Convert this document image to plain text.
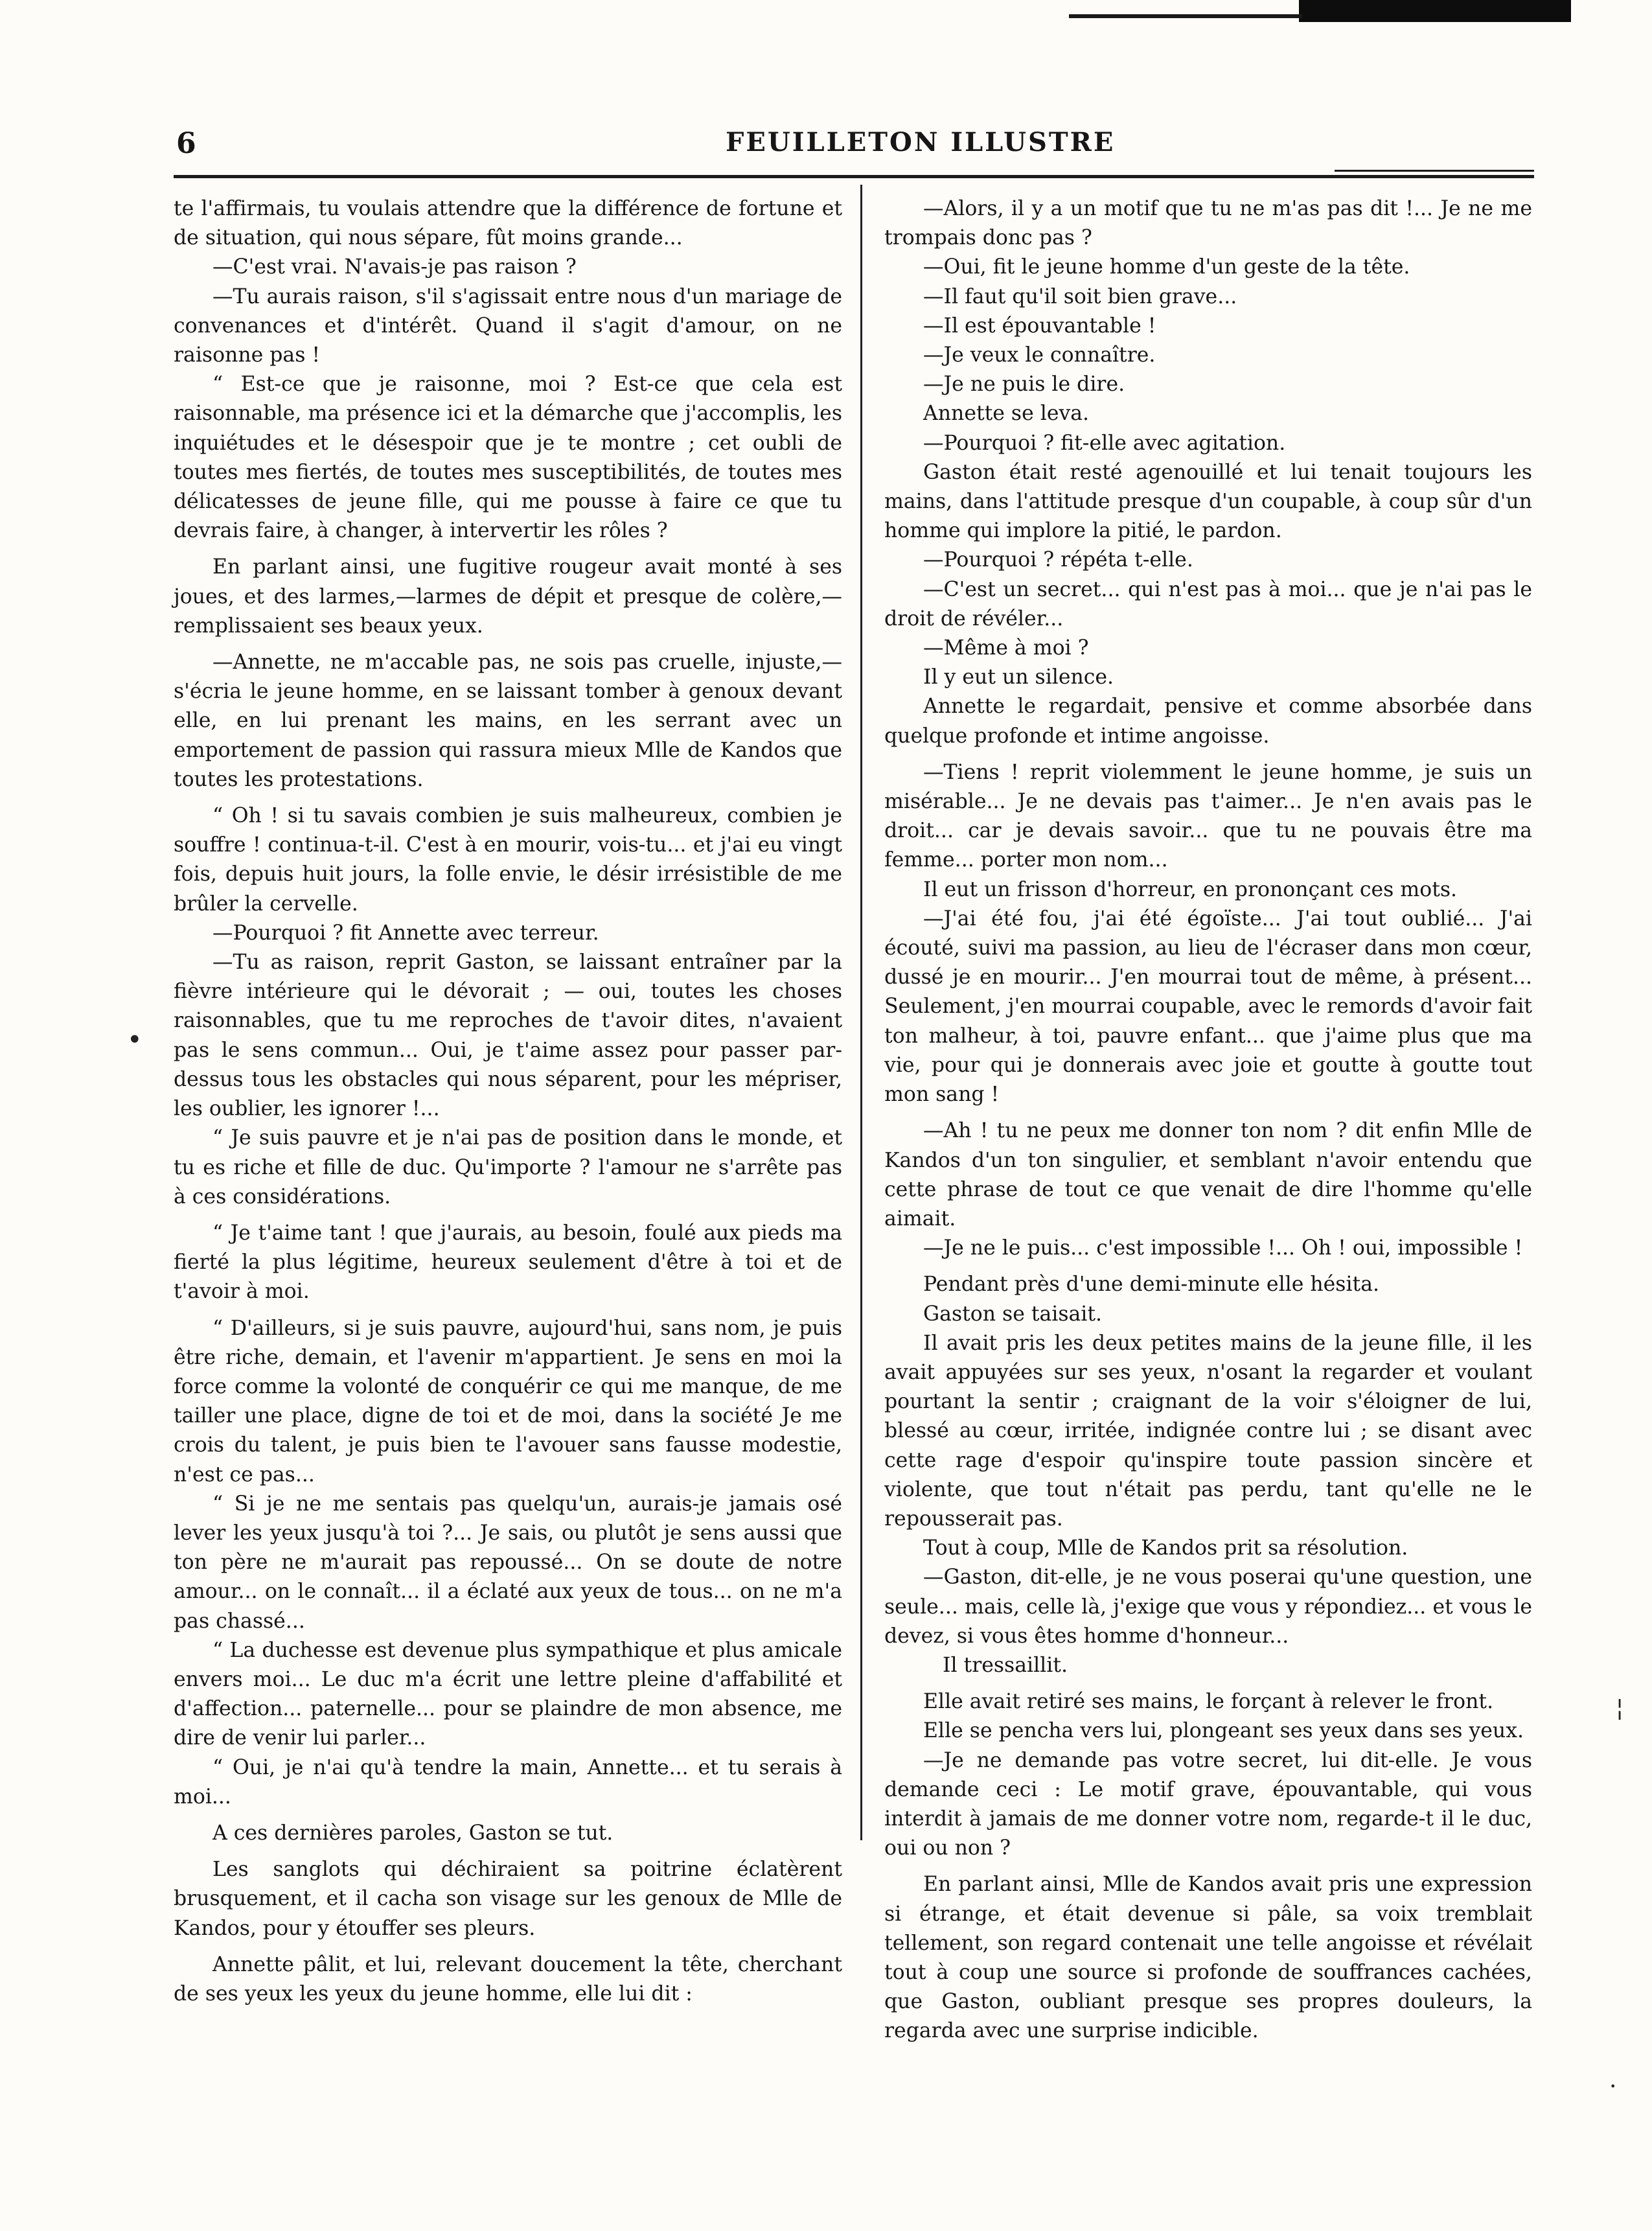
6	FEUILLETON ILLUSTRE

te l'affirmais, tu voulais attendre que la différence de fortune et de situation, qui nous sépare, fût moins grande...

—C'est vrai. N'avais-je pas raison ?

—Tu aurais raison, s'il s'agissait entre nous d'un mariage de convenances et d'intérêt. Quand il s'agit d'amour, on ne raisonne pas !

“ Est-ce que je raisonne, moi ? Est-ce que cela est raisonnable, ma présence ici et la démarche que j'accomplis, les inquiétudes et le désespoir que je te montre ; cet oubli de toutes mes fiertés, de toutes mes susceptibilités, de toutes mes délicatesses de jeune fille, qui me pousse à faire ce que tu devrais faire, à changer, à intervertir les rôles ?

En parlant ainsi, une fugitive rougeur avait monté à ses joues, et des larmes,—larmes de dépit et presque de colère,—remplissaient ses beaux yeux.

—Annette, ne m'accable pas, ne sois pas cruelle, injuste,— s'écria le jeune homme, en se laissant tomber à genoux devant elle, en lui prenant les mains, en les serrant avec un emportement de passion qui rassura mieux Mlle de Kandos que toutes les protestations.

“ Oh ! si tu savais combien je suis malheureux, combien je souffre ! continua-t-il. C'est à en mourir, vois-tu... et j'ai eu vingt fois, depuis huit jours, la folle envie, le désir irrésistible de me brûler la cervelle.

—Pourquoi ? fit Annette avec terreur.

—Tu as raison, reprit Gaston, se laissant entraîner par la fièvre intérieure qui le dévorait ; — oui, toutes les choses raisonnables, que tu me reproches de t'avoir dites, n'avaient pas le sens commun... Oui, je t'aime assez pour passer par-dessus tous les obstacles qui nous séparent, pour les mépriser, les oublier, les ignorer !...

“ Je suis pauvre et je n'ai pas de position dans le monde, et tu es riche et fille de duc. Qu'importe ? l'amour ne s'arrête pas à ces considérations.

“ Je t'aime tant ! que j'aurais, au besoin, foulé aux pieds ma fierté la plus légitime, heureux seulement d'être à toi et de t'avoir à moi.

“ D'ailleurs, si je suis pauvre, aujourd'hui, sans nom, je puis être riche, demain, et l'avenir m'appartient. Je sens en moi la force comme la volonté de conquérir ce qui me manque, de me tailler une place, digne de toi et de moi, dans la société Je me crois du talent, je puis bien te l'avouer sans fausse modestie, n'est ce pas...

“ Si je ne me sentais pas quelqu'un, aurais-je jamais osé lever les yeux jusqu'à toi ?... Je sais, ou plutôt je sens aussi que ton père ne m'aurait pas repoussé... On se doute de notre amour... on le connaît... il a éclaté aux yeux de tous... on ne m'a pas chassé...

“ La duchesse est devenue plus sympathique et plus amicale envers moi... Le duc m'a écrit une lettre pleine d'affabilité et d'affection... paternelle... pour se plaindre de mon absence, me dire de venir lui parler...

“ Oui, je n'ai qu'à tendre la main, Annette... et tu serais à moi...

A ces dernières paroles, Gaston se tut.

Les sanglots qui déchiraient sa poitrine éclatèrent brusquement, et il cacha son visage sur les genoux de Mlle de Kandos, pour y étouffer ses pleurs.

Annette pâlit, et lui, relevant doucement la tête, cherchant de ses yeux les yeux du jeune homme, elle lui dit :

—Alors, il y a un motif que tu ne m'as pas dit !... Je ne me trompais donc pas ?

—Oui, fit le jeune homme d'un geste de la tête.

—Il faut qu'il soit bien grave...

—Il est épouvantable !

—Je veux le connaître.

—Je ne puis le dire.

Annette se leva.

—Pourquoi ? fit-elle avec agitation.

Gaston était resté agenouillé et lui tenait toujours les mains, dans l'attitude presque d'un coupable, à coup sûr d'un homme qui implore la pitié, le pardon.

—Pourquoi ? répéta t-elle.

—C'est un secret... qui n'est pas à moi... que je n'ai pas le droit de révéler...

—Même à moi ?

Il y eut un silence.

Annette le regardait, pensive et comme absorbée dans quelque profonde et intime angoisse.

—Tiens ! reprit violemment le jeune homme, je suis un misérable... Je ne devais pas t'aimer... Je n'en avais pas le droit... car je devais savoir... que tu ne pouvais être ma femme... porter mon nom...

Il eut un frisson d'horreur, en prononçant ces mots.

—J'ai été fou, j'ai été égoïste... J'ai tout oublié... J'ai écouté, suivi ma passion, au lieu de l'écraser dans mon cœur, dussé je en mourir... J'en mourrai tout de même, à présent... Seulement, j'en mourrai coupable, avec le remords d'avoir fait ton malheur, à toi, pauvre enfant... que j'aime plus que ma vie, pour qui je donnerais avec joie et goutte à goutte tout mon sang !

—Ah ! tu ne peux me donner ton nom ? dit enfin Mlle de Kandos d'un ton singulier, et semblant n'avoir entendu que cette phrase de tout ce que venait de dire l'homme qu'elle aimait.

—Je ne le puis... c'est impossible !... Oh ! oui, impossible !

Pendant près d'une demi-minute elle hésita.

Gaston se taisait.

Il avait pris les deux petites mains de la jeune fille, il les avait appuyées sur ses yeux, n'osant la regarder et voulant pourtant la sentir ; craignant de la voir s'éloigner de lui, blessé au cœur, irritée, indignée contre lui ; se disant avec cette rage d'espoir qu'inspire toute passion sincère et violente, que tout n'était pas perdu, tant qu'elle ne le repousserait pas.

Tout à coup, Mlle de Kandos prit sa résolution.

—Gaston, dit-elle, je ne vous poserai qu'une question, une seule... mais, celle là, j'exige que vous y répondiez... et vous le devez, si vous êtes homme d'honneur...

Il tressaillit.

Elle avait retiré ses mains, le forçant à relever le front.

Elle se pencha vers lui, plongeant ses yeux dans ses yeux.

—Je ne demande pas votre secret, lui dit-elle. Je vous demande ceci : Le motif grave, épouvantable, qui vous interdit à jamais de me donner votre nom, regarde-t il le duc, oui ou non ?

En parlant ainsi, Mlle de Kandos avait pris une expression si étrange, et était devenue si pâle, sa voix tremblait tellement, son regard contenait une telle angoisse et révélait tout à coup une source si profonde de souffrances cachées, que Gaston, oubliant presque ses propres douleurs, la regarda avec une surprise indicible.

•
¦
·
